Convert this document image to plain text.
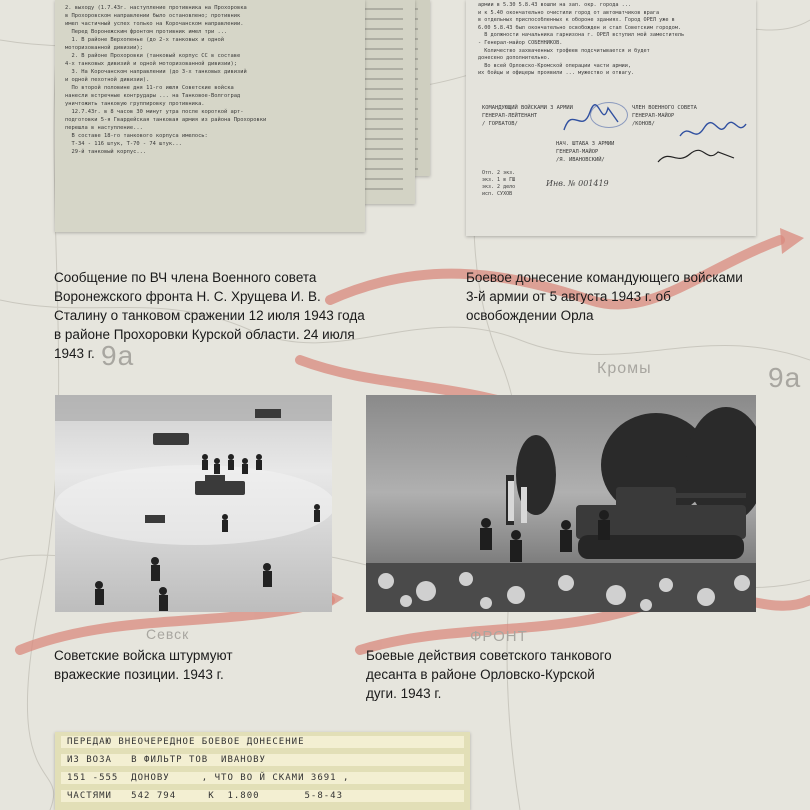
9а	Кромы	9а
Севск	ФРОНТ
2. выходу (1.7.43г. наступление противника на Прохоровка
в Прохоровском направлении было остановлено; противник
имел частичный успех только на Корочанском направлении.
Перед Воронежским фронтом противник имел три ...
1. В районе Верхопенье (до 2-х танковых и одной
моторизованной дивизии);
2. В районе Прохоровки (танковый корпус СС в составе
4-х танковых дивизий и одной моторизованной дивизии);
3. На Корочанском направлении (до 3-х танковых дивизий
и одной пехотной дивизии).
По второй половине дня 11-го июля Советские войска
нанесли встречные контрудары ... на Танковое-Волгоград
уничтожить танковую группировку противника.
12.7.43г. в 8 часов 30 минут утра после короткой арт-
подготовки 5-я Гвардейская танковая армия из района Прохоровки
перешла в наступление...
В составе 18-го танкового корпуса имелось:
Т-34 - 116 штук, Т-70 - 74 штук...
29-й танковый корпус...
армии в 5.30 5.8.43 вошли на зап. окр. города ...
и к 5.40 окончательно очистили город от автоматчиков врага
в отдельных приспособленных к обороне зданиях. Город ОРЕЛ уже в
6.00 5.8.43 был окончательно освобожден и стал Советским городом.
В должности начальника гарнизона г. ОРЕЛ вступил мой заместитель
- Генерал-майор СОБЕННИКОВ.
Количество захваченных трофеев подсчитывается и будет
донесено дополнительно.
Во всей Орловско-Кромской операции части армии,
их бойцы и офицеры проявили ... мужество и отвагу.
КОМАНДУЮЩИЙ ВОЙСКАМИ 3 АРМИИ
ГЕНЕРАЛ-ЛЕЙТЕНАНТ
/ ГОРБАТОВ/
ЧЛЕН ВОЕННОГО СОВЕТА
ГЕНЕРАЛ-МАЙОР
/КОНОВ/
НАЧ. ШТАБА 3 АРМИИ
ГЕНЕРАЛ-МАЙОР
/Я. ИВАНОВСКИЙ/
Отп. 2 экз.
экз. 1 в ГШ
экз. 2 дело
исп. СУХОВ
Инв. № 001419
Сообщение по ВЧ члена Военного совета Воронежского фронта Н. С. Хрущева И. В. Сталину о танковом сражении 12 июля 1943 года в районе Прохоровки Курской области. 24 июля 1943 г.
Боевое донесение командующего войсками 3-й армии от 5 августа 1943 г. об освобождении Орла
Советские войска штурмуют вражеские позиции. 1943 г.
Боевые действия советского танкового десанта в районе Орловско-Курской дуги. 1943 г.
ПЕРЕДАЮ ВНЕОЧЕРЕДНОЕ БОЕВОЕ ДОНЕСЕНИЕ
ИЗ ВОЗА   В ФИЛЬТР ТОВ  ИВАНОВУ
151 -555  ДОНОВУ     , ЧТО ВО Й СКАМИ 3691 ,
ЧАСТЯМИ   542 794     К  1.800       5-8-43
